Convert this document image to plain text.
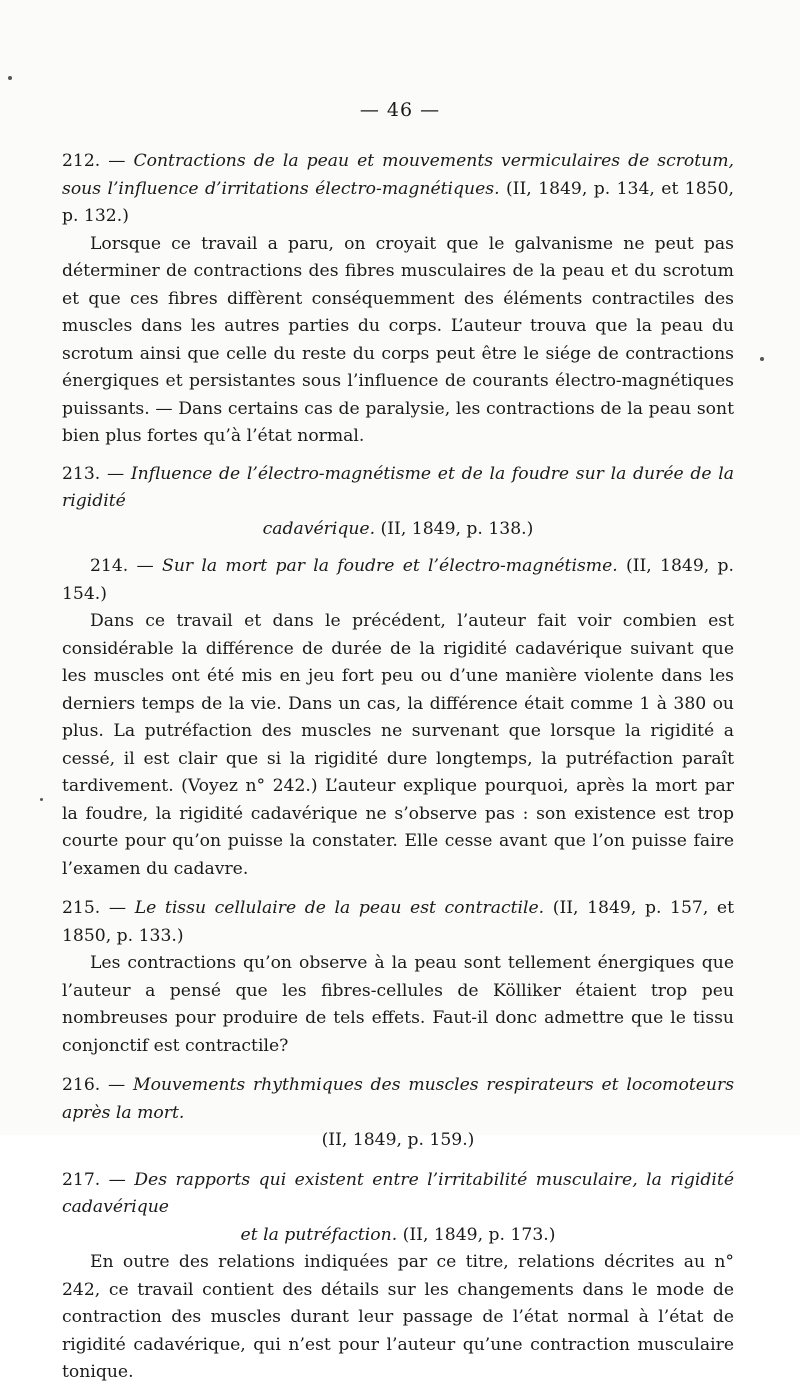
— 46 —

212. — Contractions de la peau et mouvements vermiculaires de scrotum, sous l’influence d’irritations électro-magnétiques. (II, 1849, p. 134, et 1850, p. 132.)

Lorsque ce travail a paru, on croyait que le galvanisme ne peut pas déterminer de contractions des fibres musculaires de la peau et du scrotum et que ces fibres diffèrent conséquemment des éléments contractiles des muscles dans les autres parties du corps. L’auteur trouva que la peau du scrotum ainsi que celle du reste du corps peut être le siége de contractions énergiques et persistantes sous l’influence de courants électro-magnétiques puissants. — Dans certains cas de paralysie, les contractions de la peau sont bien plus fortes qu’à l’état normal.

213. — Influence de l’électro-magnétisme et de la foudre sur la durée de la rigidité
cadavérique. (II, 1849, p. 138.)

214. — Sur la mort par la foudre et l’électro-magnétisme. (II, 1849, p. 154.)

Dans ce travail et dans le précédent, l’auteur fait voir combien est considérable la différence de durée de la rigidité cadavérique suivant que les muscles ont été mis en jeu fort peu ou d’une manière violente dans les derniers temps de la vie. Dans un cas, la différence était comme 1 à 380 ou plus. La putréfaction des muscles ne survenant que lorsque la rigidité a cessé, il est clair que si la rigidité dure longtemps, la putréfaction paraît tardivement. (Voyez n° 242.) L’auteur explique pourquoi, après la mort par la foudre, la rigidité cadavérique ne s’observe pas : son existence est trop courte pour qu’on puisse la constater. Elle cesse avant que l’on puisse faire l’examen du cadavre.

215. — Le tissu cellulaire de la peau est contractile. (II, 1849, p. 157, et 1850, p. 133.)

Les contractions qu’on observe à la peau sont tellement énergiques que l’auteur a pensé que les fibres-cellules de Kölliker étaient trop peu nombreuses pour produire de tels effets. Faut-il donc admettre que le tissu conjonctif est contractile?

216. — Mouvements rhythmiques des muscles respirateurs et locomoteurs après la mort.
(II, 1849, p. 159.)

217. — Des rapports qui existent entre l’irritabilité musculaire, la rigidité cadavérique
et la putréfaction. (II, 1849, p. 173.)

En outre des relations indiquées par ce titre, relations décrites au n° 242, ce travail contient des détails sur les changements dans le mode de contraction des muscles durant leur passage de l’état normal à l’état de rigidité cadavérique, qui n’est pour l’auteur qu’une contraction musculaire tonique.
